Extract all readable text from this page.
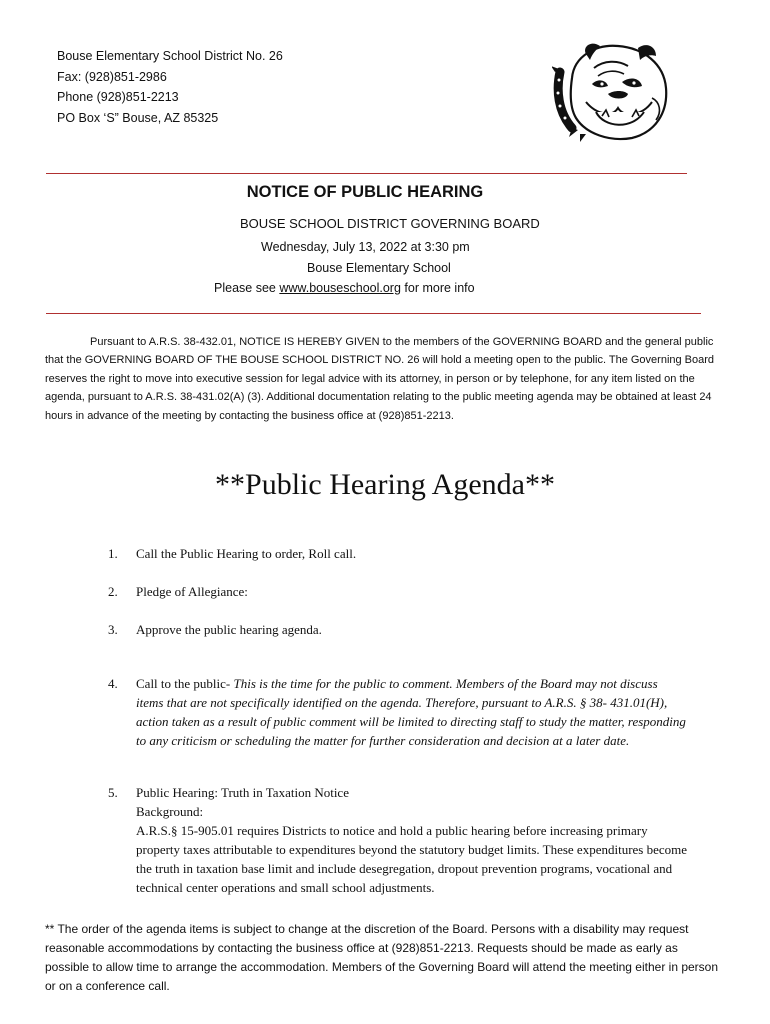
Bouse Elementary School District No. 26
Fax: (928)851-2986
Phone (928)851-2213
PO Box ‘S” Bouse, AZ 85325
NOTICE OF PUBLIC HEARING
BOUSE SCHOOL DISTRICT GOVERNING BOARD
Wednesday, July 13, 2022 at 3:30 pm
Bouse Elementary School
Please see www.bouseschool.org for more info

Pursuant to A.R.S. 38-432.01, NOTICE IS HEREBY GIVEN to the members of the GOVERNING BOARD and the general public that the GOVERNING BOARD OF THE BOUSE SCHOOL DISTRICT NO. 26 will hold a meeting open to the public. The Governing Board reserves the right to move into executive session for legal advice with its attorney, in person or by telephone, for any item listed on the agenda, pursuant to A.R.S. 38-431.02(A) (3). Additional documentation relating to the public meeting agenda may be obtained at least 24 hours in advance of the meeting by contacting the business office at (928)851-2213.

**Public Hearing Agenda**
1.	Call the Public Hearing to order, Roll call.
2.	Pledge of Allegiance:
3.	Approve the public hearing agenda.
4.	Call to the public- This is the time for the public to comment. Members of the Board may not discuss items that are not specifically identified on the agenda. Therefore, pursuant to A.R.S. § 38- 431.01(H), action taken as a result of public comment will be limited to directing staff to study the matter, responding to any criticism or scheduling the matter for further consideration and decision at a later date.
5.	Public Hearing: Truth in Taxation Notice
Background:
A.R.S.§ 15-905.01 requires Districts to notice and hold a public hearing before increasing primary property taxes attributable to expenditures beyond the statutory budget limits. These expenditures become the truth in taxation base limit and include desegregation, dropout prevention programs, vocational and technical center operations and small school adjustments.

** The order of the agenda items is subject to change at the discretion of the Board. Persons with a disability may request reasonable accommodations by contacting the business office at (928)851-2213. Requests should be made as early as possible to allow time to arrange the accommodation. Members of the Governing Board will attend the meeting either in person or on a conference call.
